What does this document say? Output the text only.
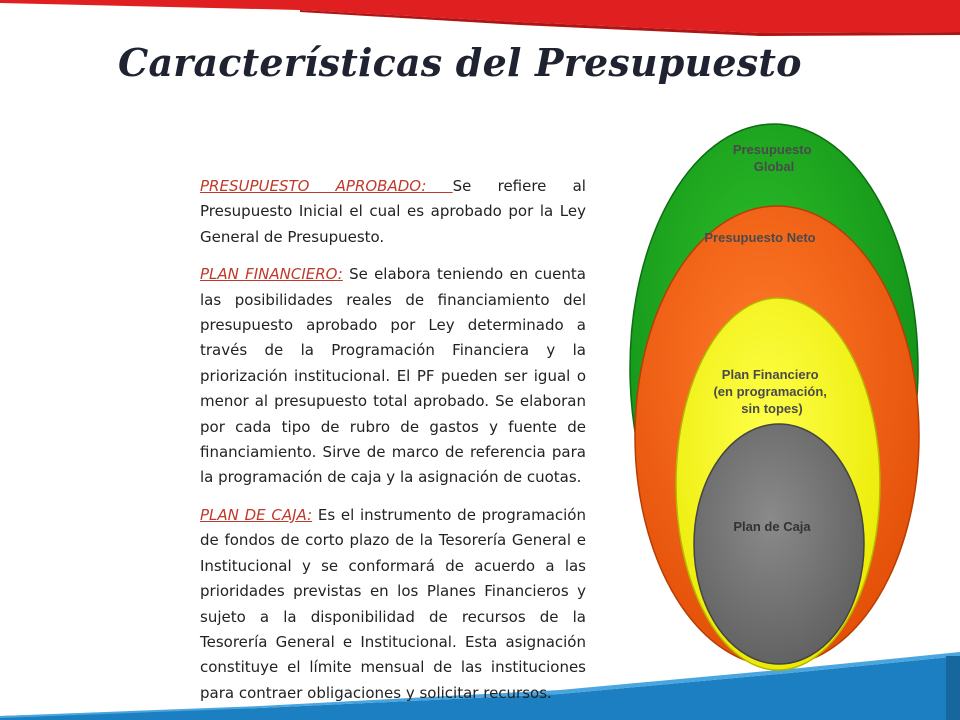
Características del Presupuesto

PRESUPUESTO APROBADO: Se refiere al Presupuesto Inicial el cual es aprobado por la Ley General de Presupuesto.

PLAN FINANCIERO: Se elabora teniendo en cuenta las posibilidades reales de financiamiento del presupuesto aprobado por Ley determinado a través de la Programación Financiera y la priorización institucional. El PF pueden ser igual o menor al presupuesto total aprobado. Se elaboran por cada tipo de rubro de gastos y fuente de financiamiento. Sirve de marco de referencia para la programación de caja y la asignación de cuotas.

PLAN DE CAJA: Es el instrumento de programación de fondos de corto plazo de la Tesorería General e Institucional y se conformará de acuerdo a las prioridades previstas en los Planes Financieros y sujeto a la disponibilidad de recursos de la Tesorería General e Institucional. Esta asignación constituye el límite mensual de las instituciones para contraer obligaciones y solicitar recursos.

Presupuesto Global
Presupuesto Neto
Plan Financiero (en programación, sin topes)
Plan de Caja
